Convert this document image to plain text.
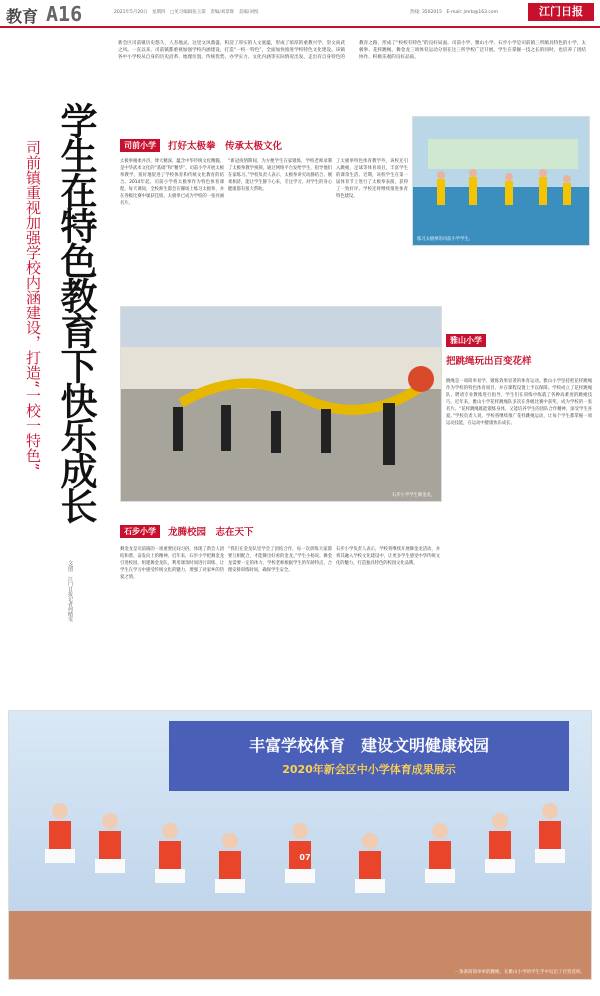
教育 A16	2021年5月20日　星期四　□见习编辑张玉棠　责编/刘景辉　美编/刘悦	热线: 3502015　E-mail: jmrb@163.com	江门日报
学生在特色教育下快乐成长
司前镇重视加强学校内涵建设，打造“一校一特色”
文/图　江门日报记者何晴雯
新会区司前镇历史悠久，人杰地灵。这里文风鼎盛，积淀了厚实的人文底蕴，形成了浓厚的重教兴学、崇文尚武之风。一直以来，司前镇都重视加强学校内涵建设，打造“一校一特色”，全面加快推进学校特色文化建设。该镇各中小学校从自身的历史沿革、地理位置、传统优势、办学实力、文化内涵等实际情况出发，走出有自身特色的教育之路，形成了“校校有特色”的良好局面。司前小学、雅山小学、石步小学是司前镇三所颇具特色的小学，太极拳、花样跳绳、舞金龙三项体育运动分别在这三所学校广泛开展。学生在掌握一技之长的同时，也培养了团结协作、积极乐观的良好品质。
司前小学	打好太极拳　传承太极文化
太极拳刚柔并济，博大精深，蕴含中华传统文化精髓，是中华武术文化的“基础”和“精华”。司前小学开展太极拳教学，很好地促进了学校体育和传统文化教育的结合。2014年起，司前小学将太极拳作为特色体育课程，每天课间，全校师生都会在操场上练习太极拳，并在各级比赛中屡获佳绩，太极拳已成为学校的一张亮丽名片。
“新冠疫情期间，为方便学生在家锻炼，学校老师录制了太极拳教学视频，通过网络平台发给学生，指导他们在家练习。”学校负责人表示，太极拳讲究动静结合、刚柔相济，能让学生静下心来，专注学习，对学生的身心健康都有很大帮助。
了太极拳特色体育教学外，该校还引入跳绳、足球等体育项目，丰富学生的课余生活。近期，该校学生在第一届体育节上进行了太极拳表演，获得了一致好评。学校还将继续推进体育特色建设。
练习太极拳的司前小学学生。
石步小学学生舞金龙。
石步小学	龙腾校园　志在天下
舞金龙是司前镇的一项重要民间习俗，体现了新会人团结和谐、奋发向上的精神。近年来，石步小学把舞金龙引进校园，组建舞金龙队，利用课余时间进行训练，让学生在学习中感受传统文化的魅力，增强了对家乡的热爱之情。
“我们在金龙队里学会了团结合作，每一次训练大家都要互相配合，才能舞出好看的金龙。”学生小杨说。舞金龙需要一定的体力，学校老师根据学生的年龄特点，合理安排训练时间，确保学生安全。
石步小学负责人表示，学校将继续开展舞金龙活动，并将其融入学校文化建设中，让更多学生感受中华传统文化的魅力，打造独具特色的校园文化品牌。
雅山小学
把跳绳玩出百变花样
跳绳是一项简单易学、锻炼效果显著的体育运动。雅山小学坚持把花样跳绳作为学校的特色体育项目，并在课程设置上予以保障。学校成立了花样跳绳队，聘请专业教练进行指导，学生们在训练中练就了各种高难度的跳绳技巧。近年来，雅山小学花样跳绳队多次在各级比赛中获奖，成为学校的一张名片。“花样跳绳既能锻炼身体，又能培养学生的团队合作精神，深受学生喜爱。”学校负责人说，学校将继续推广花样跳绳运动，让每个学生都掌握一项运动技能，在运动中健康快乐成长。
丰富学校体育　建设文明健康校园
2020年新会区中小学体育成果展示
07
一条条简简单单的跳绳，在雅山小学的学生手中玩出了百变花样。
